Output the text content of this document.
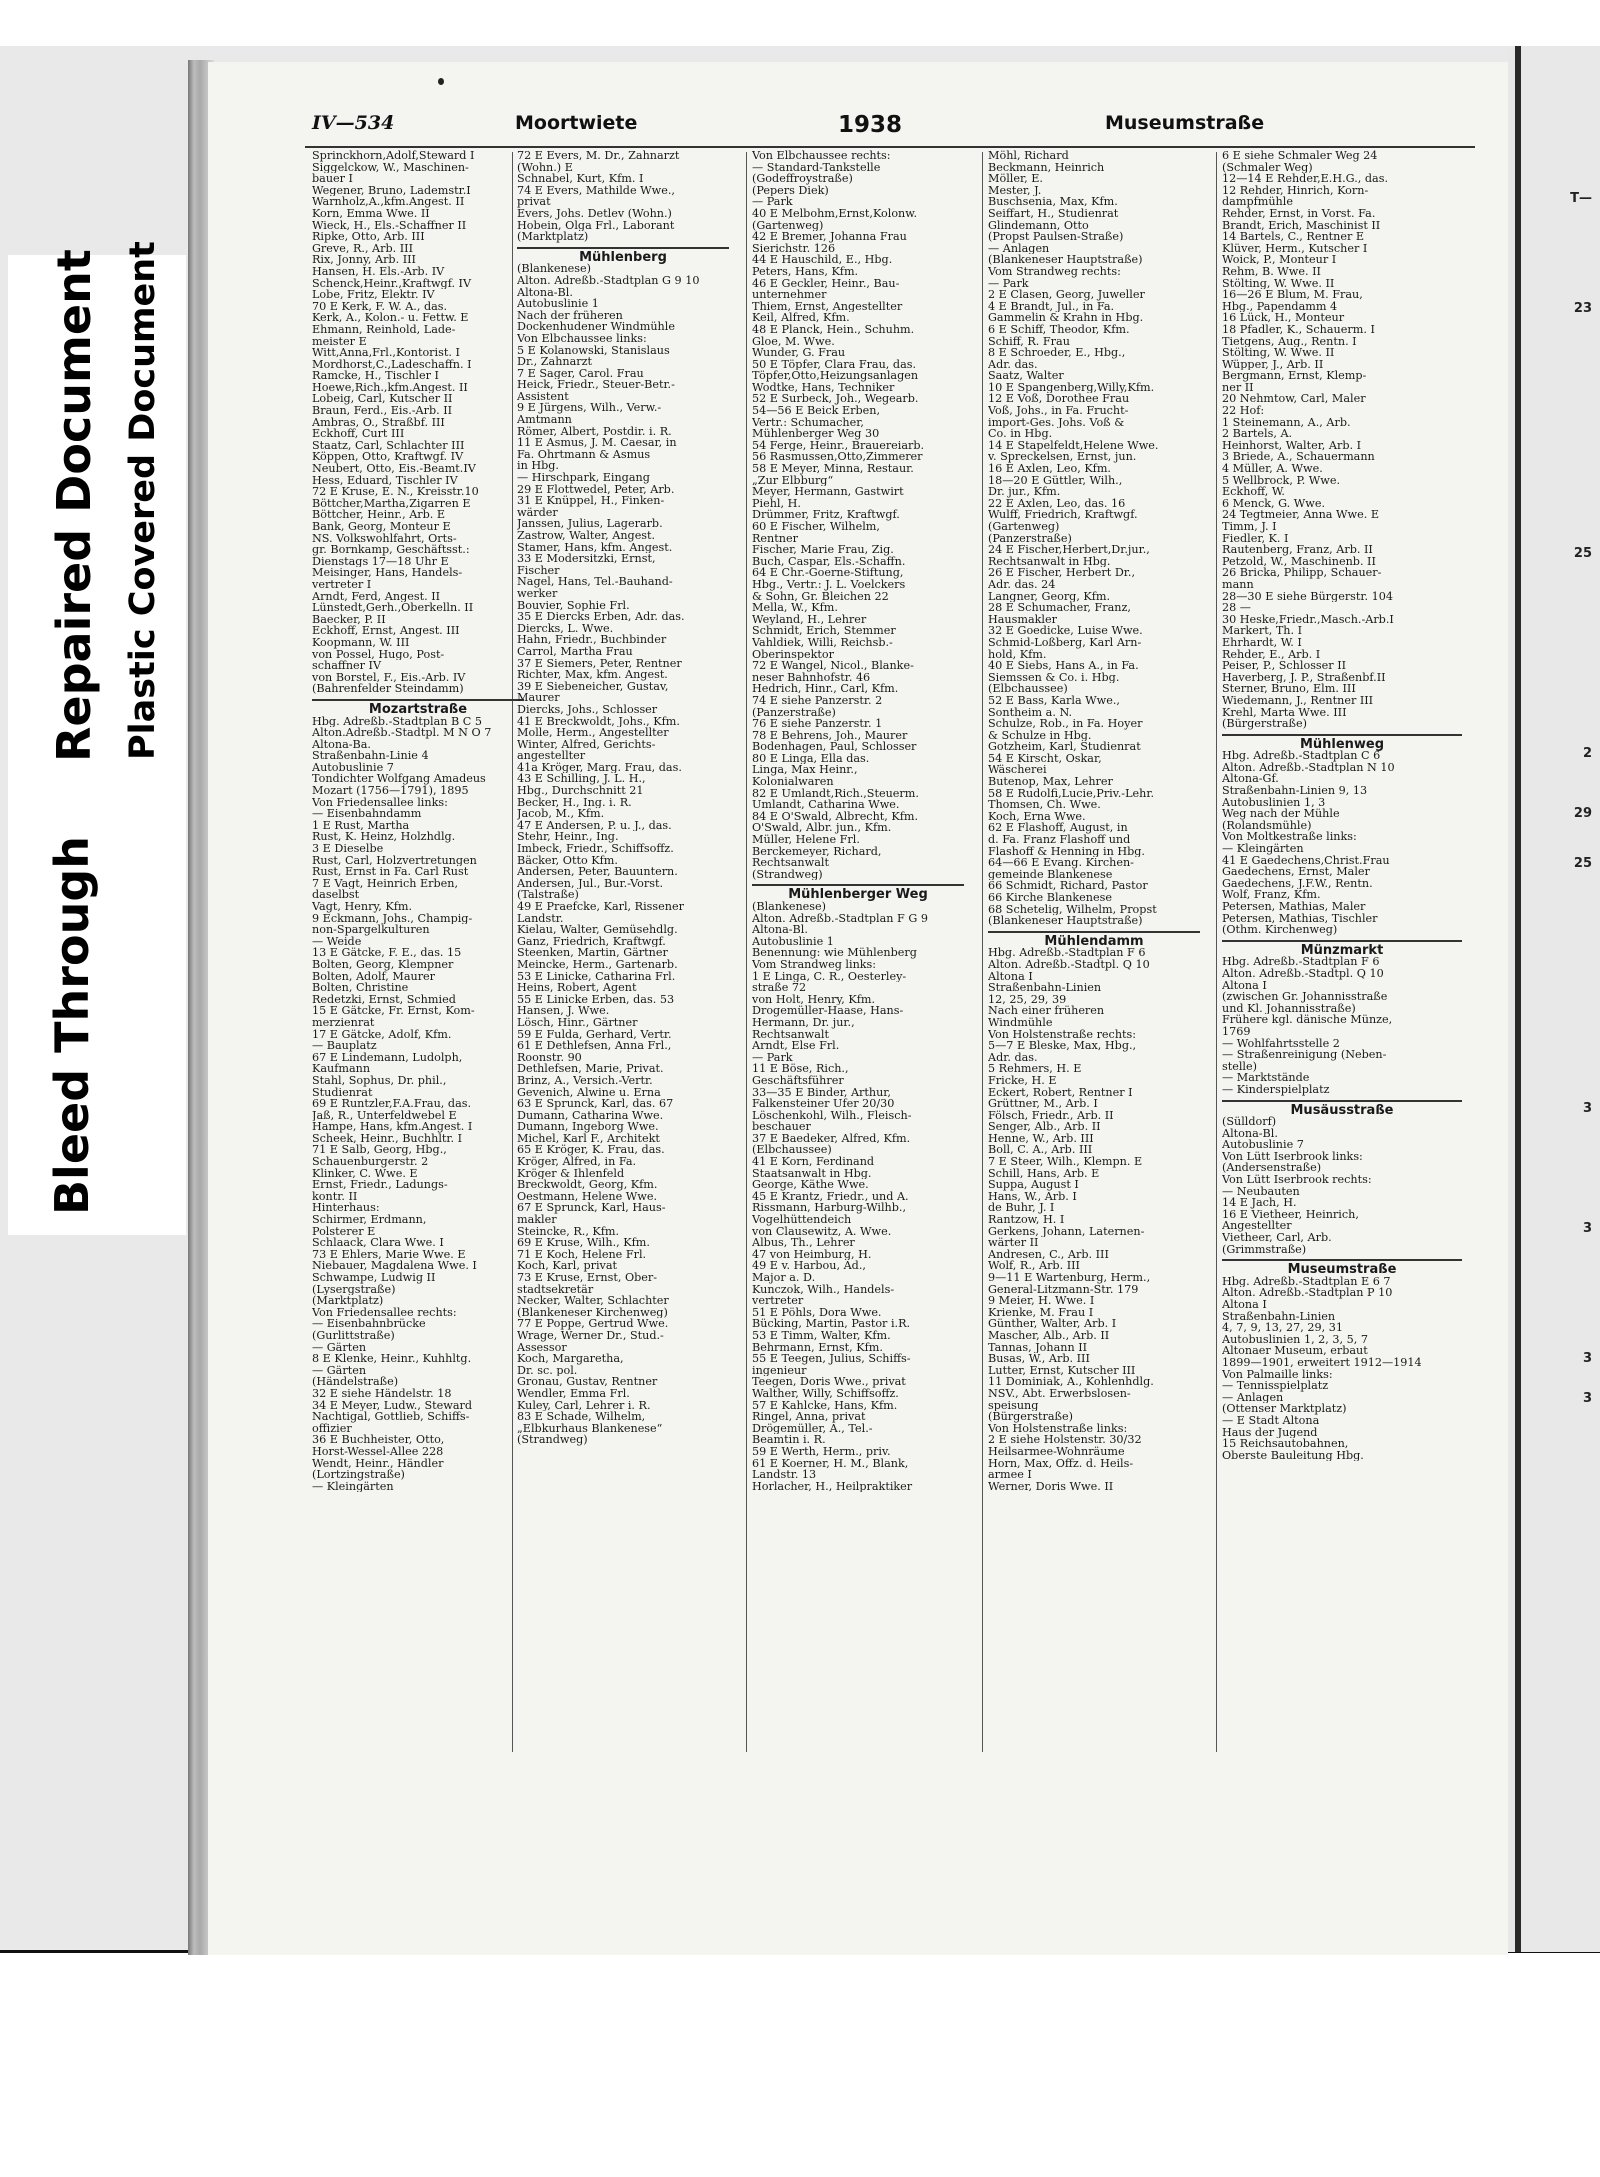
Bleed Through
Repaired Document Plastic Covered Document
T—
23
25
2
29
25
3
3
3
3
IV—534	Moortwiete	1938	Museumstraße
Sprinckhorn,Adolf,Steward I
Siggelckow, W., Maschinen-
bauer I
Wegener, Bruno, Lademstr.I
Warnholz,A.,kfm.Angest. II
Korn, Emma Wwe. II
Wieck, H., Els.-Schaffner II
Ripke, Otto, Arb. III
Greve, R., Arb. III
Rix, Jonny, Arb. III
Hansen, H. Els.-Arb. IV
Schenck,Heinr.,Kraftwgf. IV
Lobe, Fritz, Elektr. IV
70 E Kerk, F. W. A., das.
Kerk, A., Kolon.- u. Fettw. E
Ehmann, Reinhold, Lade-
meister E
Witt,Anna,Frl.,Kontorist. I
Mordhorst,C.,Ladeschaffn. I
Ramcke, H., Tischler I
Hoewe,Rich.,kfm.Angest. II
Lobeig, Carl, Kutscher II
Braun, Ferd., Eis.-Arb. II
Ambras, O., Straßbf. III
Eckhoff, Curt III
Staatz, Carl, Schlachter III
Köppen, Otto, Kraftwgf. IV
Neubert, Otto, Eis.-Beamt.IV
Hess, Eduard, Tischler IV
72 E Kruse, E. N., Kreisstr.10
Böttcher,Martha,Zigarren E
Böttcher, Heinr., Arb. E
Bank, Georg, Monteur E
NS. Volkswohlfahrt, Orts-
gr. Bornkamp, Geschäftsst.:
Dienstags 17—18 Uhr E
Meisinger, Hans, Handels-
vertreter I
Arndt, Ferd, Angest. II
Lünstedt,Gerh.,Oberkelln. II
Baecker, P. II
Eckhoff, Ernst, Angest. III
Koopmann, W. III
von Possel, Hugo, Post-
schaffner IV
von Borstel, F., Eis.-Arb. IV
(Bahrenfelder Steindamm)
Mozartstraße
Hbg. Adreßb.-Stadtplan B C 5
Alton.Adreßb.-Stadtpl. M N O 7
Altona-Ba.
Straßenbahn-Linie 4
Autobuslinie 7
Tondichter Wolfgang Amadeus
Mozart (1756—1791), 1895
Von Friedensallee links:
— Eisenbahndamm
1 E Rust, Martha
Rust, K. Heinz, Holzhdlg.
3 E Dieselbe
Rust, Carl, Holzvertretungen
Rust, Ernst in Fa. Carl Rust
7 E Vagt, Heinrich Erben,
daselbst
Vagt, Henry, Kfm.
9 Eckmann, Johs., Champig-
non-Spargelkulturen
— Weide
13 E Gätcke, F. E., das. 15
Bolten, Georg, Klempner
Bolten, Adolf, Maurer
Bolten, Christine
Redetzki, Ernst, Schmied
15 E Gätcke, Fr. Ernst, Kom-
merzienrat
17 E Gätcke, Adolf, Kfm.
— Bauplatz
67 E Lindemann, Ludolph,
Kaufmann
Stahl, Sophus, Dr. phil.,
Studienrat
69 E Runtzler,F.A.Frau, das.
Jaß, R., Unterfeldwebel E
Hampe, Hans, kfm.Angest. I
Scheek, Heinr., Buchhltr. I
71 E Salb, Georg, Hbg.,
Schauenburgerstr. 2
Klinker, C. Wwe. E
Ernst, Friedr., Ladungs-
kontr. II
Hinterhaus:
Schirmer, Erdmann,
Polsterer E
Schlaack, Clara Wwe. I
73 E Ehlers, Marie Wwe. E
Niebauer, Magdalena Wwe. I
Schwampe, Ludwig II
(Lysergstraße)
(Marktplatz)
Von Friedensallee rechts:
— Eisenbahnbrücke
(Gurlittstraße)
— Gärten
8 E Klenke, Heinr., Kuhhltg.
— Gärten
(Händelstraße)
32 E siehe Händelstr. 18
34 E Meyer, Ludw., Steward
Nachtigal, Gottlieb, Schiffs-
offizier
36 E Buchheister, Otto,
Horst-Wessel-Allee 228
Wendt, Heinr., Händler
(Lortzingstraße)
— Kleingärten
72 E Evers, M. Dr., Zahnarzt
(Wohn.) E
Schnabel, Kurt, Kfm. I
74 E Evers, Mathilde Wwe.,
privat
Evers, Johs. Detlev (Wohn.)
Hobein, Olga Frl., Laborant
(Marktplatz)
Mühlenberg
(Blankenese)
Alton. Adreßb.-Stadtplan G 9 10
Altona-Bl.
Autobuslinie 1
Nach der früheren
Dockenhudener Windmühle
Von Elbchaussee links:
5 E Kolanowski, Stanislaus
Dr., Zahnarzt
7 E Sager, Carol. Frau
Heick, Friedr., Steuer-Betr.-
Assistent
9 E Jürgens, Wilh., Verw.-
Amtmann
Römer, Albert, Postdir. i. R.
11 E Asmus, J. M. Caesar, in
Fa. Ohrtmann & Asmus
in Hbg.
— Hirschpark, Eingang
29 E Flottwedel, Peter, Arb.
31 E Knüppel, H., Finken-
wärder
Janssen, Julius, Lagerarb.
Zastrow, Walter, Angest.
Stamer, Hans, kfm. Angest.
33 E Modersitzki, Ernst,
Fischer
Nagel, Hans, Tel.-Bauhand-
werker
Bouvier, Sophie Frl.
35 E Diercks Erben, Adr. das.
Diercks, L. Wwe.
Hahn, Friedr., Buchbinder
Carrol, Martha Frau
37 E Siemers, Peter, Rentner
Richter, Max, kfm. Angest.
39 E Siebeneicher, Gustav,
Maurer
Diercks, Johs., Schlosser
41 E Breckwoldt, Johs., Kfm.
Molle, Herm., Angestellter
Winter, Alfred, Gerichts-
angestellter
41a Kröger, Marg. Frau, das.
43 E Schilling, J. L. H.,
Hbg., Durchschnitt 21
Becker, H., Ing. i. R.
Jacob, M., Kfm.
47 E Andersen, P. u. J., das.
Stehr, Heinr., Ing.
Imbeck, Friedr., Schiffsoffz.
Bäcker, Otto Kfm.
Andersen, Peter, Bauuntern.
Andersen, Jul., Bur.-Vorst.
(Talstraße)
49 E Praefcke, Karl, Rissener
Landstr.
Kielau, Walter, Gemüsehdlg.
Ganz, Friedrich, Kraftwgf.
Steenken, Martin, Gärtner
Meincke, Herm., Gartenarb.
53 E Linicke, Catharina Frl.
Heins, Robert, Agent
55 E Linicke Erben, das. 53
Hansen, J. Wwe.
Lösch, Hinr., Gärtner
59 E Fulda, Gerhard, Vertr.
61 E Dethlefsen, Anna Frl.,
Roonstr. 90
Dethlefsen, Marie, Privat.
Brinz, A., Versich.-Vertr.
Gevenich, Alwine u. Erna
63 E Sprunck, Karl, das. 67
Dumann, Catharina Wwe.
Dumann, Ingeborg Wwe.
Michel, Karl F., Architekt
65 E Kröger, K. Frau, das.
Kröger, Alfred, in Fa.
Kröger & Ihlenfeld
Breckwoldt, Georg, Kfm.
Oestmann, Helene Wwe.
67 E Sprunck, Karl, Haus-
makler
Steincke, R., Kfm.
69 E Kruse, Wilh., Kfm.
71 E Koch, Helene Frl.
Koch, Karl, privat
73 E Kruse, Ernst, Ober-
stadtsekretär
Necker, Walter, Schlachter
(Blankeneser Kirchenweg)
77 E Poppe, Gertrud Wwe.
Wrage, Werner Dr., Stud.-
Assessor
Koch, Margaretha,
Dr. sc. pol.
Gronau, Gustav, Rentner
Wendler, Emma Frl.
Kuley, Carl, Lehrer i. R.
83 E Schade, Wilhelm,
„Elbkurhaus Blankenese“
(Strandweg)
Von Elbchaussee rechts:
— Standard-Tankstelle
(Godeffroystraße)
(Pepers Diek)
— Park
40 E Melbohm,Ernst,Kolonw.
(Gartenweg)
42 E Bremer, Johanna Frau
Sierichstr. 126
44 E Hauschild, E., Hbg.
Peters, Hans, Kfm.
46 E Geckler, Heinr., Bau-
unternehmer
Thiem, Ernst, Angestellter
Keil, Alfred, Kfm.
48 E Planck, Hein., Schuhm.
Gloe, M. Wwe.
Wunder, G. Frau
50 E Töpfer, Clara Frau, das.
Töpfer,Otto,Heizungsanlagen
Wodtke, Hans, Techniker
52 E Surbeck, Joh., Wegearb.
54—56 E Beick Erben,
Vertr.: Schumacher,
Mühlenberger Weg 30
54 Ferge, Heinr., Brauereiarb.
56 Rasmussen,Otto,Zimmerer
58 E Meyer, Minna, Restaur.
„Zur Elbburg“
Meyer, Hermann, Gastwirt
Piehl, H.
Drümmer, Fritz, Kraftwgf.
60 E Fischer, Wilhelm,
Rentner
Fischer, Marie Frau, Zig.
Buch, Caspar, Els.-Schaffn.
64 E Chr.-Goerne-Stiftung,
Hbg., Vertr.: J. L. Voelckers
& Sohn, Gr. Bleichen 22
Mella, W., Kfm.
Weyland, H., Lehrer
Schmidt, Erich, Stemmer
Vahldiek, Willi, Reichsb.-
Oberinspektor
72 E Wangel, Nicol., Blanke-
neser Bahnhofstr. 46
Hedrich, Hinr., Carl, Kfm.
74 E siehe Panzerstr. 2
(Panzerstraße)
76 E siehe Panzerstr. 1
78 E Behrens, Joh., Maurer
Bodenhagen, Paul, Schlosser
80 E Linga, Ella das.
Linga, Max Heinr.,
Kolonialwaren
82 E Umlandt,Rich.,Steuerm.
Umlandt, Catharina Wwe.
84 E O'Swald, Albrecht, Kfm.
O'Swald, Albr. jun., Kfm.
Müller, Helene Frl.
Berckemeyer, Richard,
Rechtsanwalt
(Strandweg)
Mühlenberger Weg
(Blankenese)
Alton. Adreßb.-Stadtplan F G 9
Altona-Bl.
Autobuslinie 1
Benennung: wie Mühlenberg
Vom Strandweg links:
1 E Linga, C. R., Oesterley-
straße 72
von Holt, Henry, Kfm.
Drogemüller-Haase, Hans-
Hermann, Dr. jur.,
Rechtsanwalt
Arndt, Else Frl.
— Park
11 E Böse, Rich.,
Geschäftsführer
33—35 E Binder, Arthur,
Falkensteiner Ufer 20/30
Löschenkohl, Wilh., Fleisch-
beschauer
37 E Baedeker, Alfred, Kfm.
(Elbchaussee)
41 E Korn, Ferdinand
Staatsanwalt in Hbg.
George, Käthe Wwe.
45 E Krantz, Friedr., und A.
Rissmann, Harburg-Wilhb.,
Vogelhüttendeich
von Clausewitz, A. Wwe.
Albus, Th., Lehrer
47 von Heimburg, H.
49 E v. Harbou, Ad.,
Major a. D.
Kunczok, Wilh., Handels-
vertreter
51 E Pöhls, Dora Wwe.
Bücking, Martin, Pastor i.R.
53 E Timm, Walter, Kfm.
Behrmann, Ernst, Kfm.
55 E Teegen, Julius, Schiffs-
ingenieur
Teegen, Doris Wwe., privat
Walther, Willy, Schiffsoffz.
57 E Kahlcke, Hans, Kfm.
Ringel, Anna, privat
Drögemüller, A., Tel.-
Beamtin i. R.
59 E Werth, Herm., priv.
61 E Koerner, H. M., Blank,
Landstr. 13
Horlacher, H., Heilpraktiker
Möhl, Richard
Beckmann, Heinrich
Möller, E.
Mester, J.
Buschsenia, Max, Kfm.
Seiffart, H., Studienrat
Glindemann, Otto
(Propst Paulsen-Straße)
— Anlagen
(Blankeneser Hauptstraße)
Vom Strandweg rechts:
— Park
2 E Clasen, Georg, Juweller
4 E Brandt, Jul., in Fa.
Gammelin & Krahn in Hbg.
6 E Schiff, Theodor, Kfm.
Schiff, R. Frau
8 E Schroeder, E., Hbg.,
Adr. das.
Saatz, Walter
10 E Spangenberg,Willy,Kfm.
12 E Voß, Dorothee Frau
Voß, Johs., in Fa. Frucht-
import-Ges. Johs. Voß &
Co. in Hbg.
14 E Stapelfeldt,Helene Wwe.
v. Spreckelsen, Ernst, jun.
16 E Axlen, Leo, Kfm.
18—20 E Güttler, Wilh.,
Dr. jur., Kfm.
22 E Axlen, Leo, das. 16
Wulff, Friedrich, Kraftwgf.
(Gartenweg)
(Panzerstraße)
24 E Fischer,Herbert,Dr.jur.,
Rechtsanwalt in Hbg.
26 E Fischer, Herbert Dr.,
Adr. das. 24
Langner, Georg, Kfm.
28 E Schumacher, Franz,
Hausmakler
32 E Goedicke, Luise Wwe.
Schmid-Loßberg, Karl Arn-
hold, Kfm.
40 E Siebs, Hans A., in Fa.
Siemssen & Co. i. Hbg.
(Elbchaussee)
52 E Bass, Karla Wwe.,
Sontheim a. N.
Schulze, Rob., in Fa. Hoyer
& Schulze in Hbg.
Gotzheim, Karl, Studienrat
54 E Kirscht, Oskar,
Wäscherei
Butenop, Max, Lehrer
58 E Rudolfi,Lucie,Priv.-Lehr.
Thomsen, Ch. Wwe.
Koch, Erna Wwe.
62 E Flashoff, August, in
d. Fa. Franz Flashoff und
Flashoff & Henning in Hbg.
64—66 E Evang. Kirchen-
gemeinde Blankenese
66 Schmidt, Richard, Pastor
66 Kirche Blankenese
68 Schetelig, Wilhelm, Propst
(Blankeneser Hauptstraße)
Mühlendamm
Hbg. Adreßb.-Stadtplan F 6
Alton. Adreßb.-Stadtpl. Q 10
Altona I
Straßenbahn-Linien
12, 25, 29, 39
Nach einer früheren
Windmühle
Von Holstenstraße rechts:
5—7 E Bleske, Max, Hbg.,
Adr. das.
5 Rehmers, H. E
Fricke, H. E
Eckert, Robert, Rentner I
Grüttner, M., Arb. I
Fölsch, Friedr., Arb. II
Senger, Alb., Arb. II
Henne, W., Arb. III
Boll, C. A., Arb. III
7 E Steer, Wilh., Klempn. E
Schill, Hans, Arb. E
Suppa, August I
Hans, W., Arb. I
de Buhr, J. I
Rantzow, H. I
Gerkens, Johann, Laternen-
wärter II
Andresen, C., Arb. III
Wolf, R., Arb. III
9—11 E Wartenburg, Herm.,
General-Litzmann-Str. 179
9 Meier, H. Wwe. I
Krienke, M. Frau I
Günther, Walter, Arb. I
Mascher, Alb., Arb. II
Tannas, Johann II
Busas, W., Arb. III
Lutter, Ernst, Kutscher III
11 Dominiak, A., Kohlenhdlg.
NSV., Abt. Erwerbslosen-
speisung
(Bürgerstraße)
Von Holstenstraße links:
2 E siehe Holstenstr. 30/32
Heilsarmee-Wohnräume
Horn, Max, Offz. d. Heils-
armee I
Werner, Doris Wwe. II
6 E siehe Schmaler Weg 24
(Schmaler Weg)
12—14 E Rehder,E.H.G., das.
12 Rehder, Hinrich, Korn-
dampfmühle
Rehder, Ernst, in Vorst. Fa.
Brandt, Erich, Maschinist II
14 Bartels, C., Rentner E
Klüver, Herm., Kutscher I
Woick, P., Monteur I
Rehm, B. Wwe. II
Stölting, W. Wwe. II
16—26 E Blum, M. Frau,
Hbg., Papendamm 4
16 Lück, H., Monteur
18 Pfadler, K., Schauerm. I
Tietgens, Aug., Rentn. I
Stölting, W. Wwe. II
Wüpper, J., Arb. II
Bergmann, Ernst, Klemp-
ner II
20 Nehmtow, Carl, Maler
22 Hof:
1 Steinemann, A., Arb.
2 Bartels, A.
Heinhorst, Walter, Arb. I
3 Briede, A., Schauermann
4 Müller, A. Wwe.
5 Wellbrock, P. Wwe.
Eckhoff, W.
6 Menck, G. Wwe.
24 Tegtmeier, Anna Wwe. E
Timm, J. I
Fiedler, K. I
Rautenberg, Franz, Arb. II
Petzold, W., Maschinenb. II
26 Bricka, Philipp, Schauer-
mann
28—30 E siehe Bürgerstr. 104
28 —
30 Heske,Friedr.,Masch.-Arb.I
Markert, Th. I
Ehrhardt, W. I
Rehder, E., Arb. I
Peiser, P., Schlosser II
Haverberg, J. P., Straßenbf.II
Sterner, Bruno, Elm. III
Wiedemann, J., Rentner III
Krehl, Marta Wwe. III
(Bürgerstraße)
Mühlenweg
Hbg. Adreßb.-Stadtplan C 6
Alton. Adreßb.-Stadtplan N 10
Altona-Gf.
Straßenbahn-Linien 9, 13
Autobuslinien 1, 3
Weg nach der Mühle
(Rolandsmühle)
Von Moltkestraße links:
— Kleingärten
41 E Gaedechens,Christ.Frau
Gaedechens, Ernst, Maler
Gaedechens, J.F.W., Rentn.
Wolf, Franz, Kfm.
Petersen, Mathias, Maler
Petersen, Mathias, Tischler
(Othm. Kirchenweg)
Münzmarkt
Hbg. Adreßb.-Stadtplan F 6
Alton. Adreßb.-Stadtpl. Q 10
Altona I
(zwischen Gr. Johannisstraße
und Kl. Johannisstraße)
Frühere kgl. dänische Münze,
1769
— Wohlfahrtsstelle 2
— Straßenreinigung (Neben-
stelle)
— Marktstände
— Kinderspielplatz
Musäusstraße
(Sülldorf)
Altona-Bl.
Autobuslinie 7
Von Lütt Iserbrook links:
(Andersenstraße)
Von Lütt Iserbrook rechts:
— Neubauten
14 E Jach, H.
16 E Vietheer, Heinrich,
Angestellter
Vietheer, Carl, Arb.
(Grimmstraße)
Museumstraße
Hbg. Adreßb.-Stadtplan E 6 7
Alton. Adreßb.-Stadtplan P 10
Altona I
Straßenbahn-Linien
4, 7, 9, 13, 27, 29, 31
Autobuslinien 1, 2, 3, 5, 7
Altonaer Museum, erbaut
1899—1901, erweitert 1912—1914
Von Palmaille links:
— Tennisspielplatz
— Anlagen
(Ottenser Marktplatz)
— E Stadt Altona
Haus der Jugend
15 Reichsautobahnen,
Oberste Bauleitung Hbg.
